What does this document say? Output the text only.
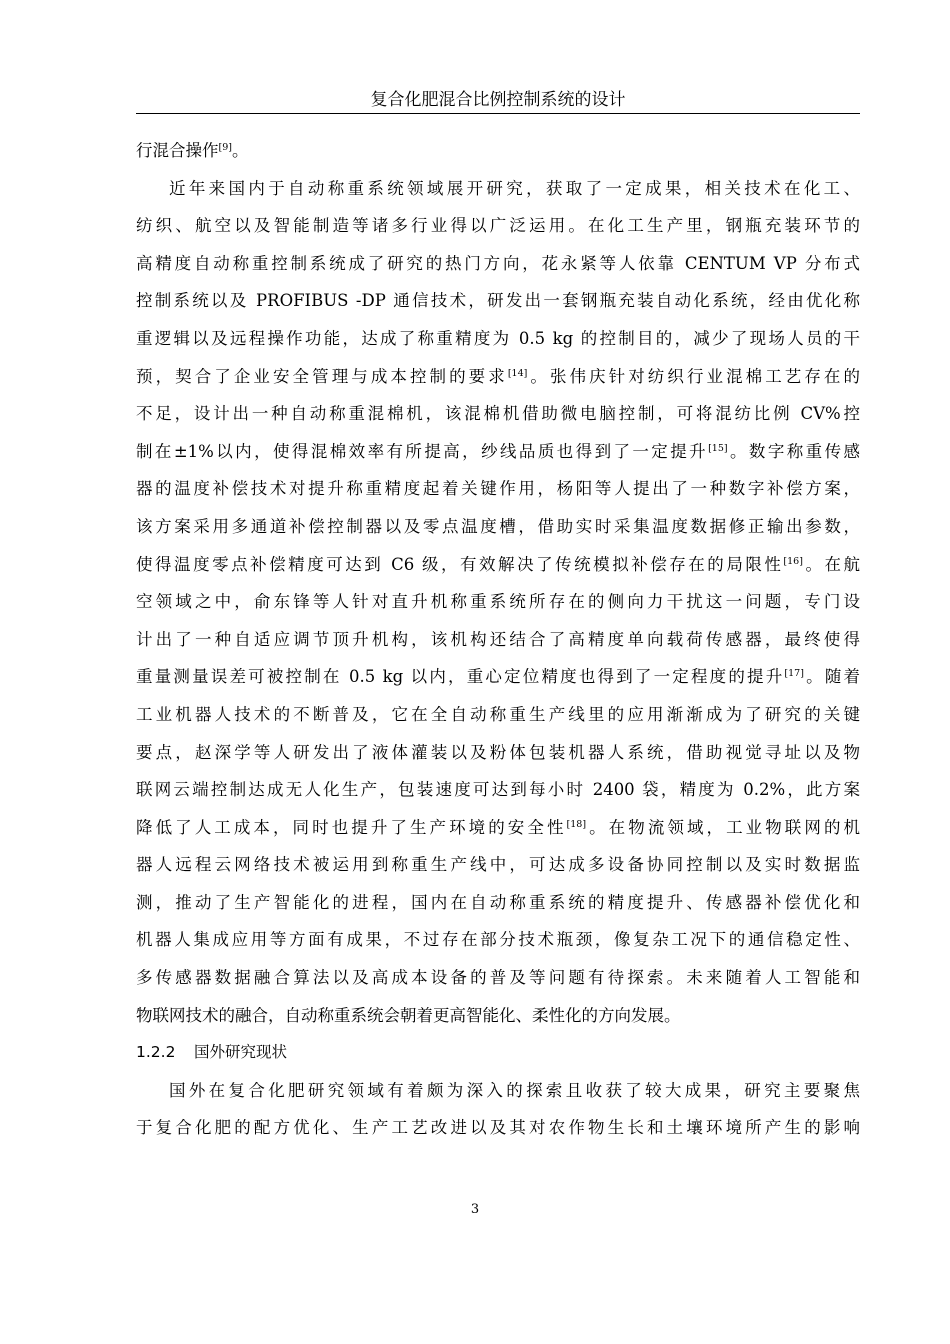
复合化肥混合比例控制系统的设计
行混合操作[9]。
近年来国内于自动称重系统领域展开研究，获取了一定成果，相关技术在化工、
纺织、航空以及智能制造等诸多行业得以广泛运用。在化工生产里，钢瓶充装环节的
高精度自动称重控制系统成了研究的热门方向，花永紧等人依靠 CENTUM VP 分布式
控制系统以及 PROFIBUS -DP 通信技术，研发出一套钢瓶充装自动化系统，经由优化称
重逻辑以及远程操作功能，达成了称重精度为 0.5 kg 的控制目的，减少了现场人员的干
预，契合了企业安全管理与成本控制的要求[14]。张伟庆针对纺织行业混棉工艺存在的
不足，设计出一种自动称重混棉机，该混棉机借助微电脑控制，可将混纺比例 CV%控
制在±1%以内，使得混棉效率有所提高，纱线品质也得到了一定提升[15]。数字称重传感
器的温度补偿技术对提升称重精度起着关键作用，杨阳等人提出了一种数字补偿方案，
该方案采用多通道补偿控制器以及零点温度槽，借助实时采集温度数据修正输出参数，
使得温度零点补偿精度可达到 C6 级，有效解决了传统模拟补偿存在的局限性[16]。在航
空领域之中，俞东锋等人针对直升机称重系统所存在的侧向力干扰这一问题，专门设
计出了一种自适应调节顶升机构，该机构还结合了高精度单向载荷传感器，最终使得
重量测量误差可被控制在 0.5 kg 以内，重心定位精度也得到了一定程度的提升[17]。随着
工业机器人技术的不断普及，它在全自动称重生产线里的应用渐渐成为了研究的关键
要点，赵深学等人研发出了液体灌装以及粉体包装机器人系统，借助视觉寻址以及物
联网云端控制达成无人化生产，包装速度可达到每小时 2400 袋，精度为 0.2%，此方案
降低了人工成本，同时也提升了生产环境的安全性[18]。在物流领域，工业物联网的机
器人远程云网络技术被运用到称重生产线中，可达成多设备协同控制以及实时数据监
测，推动了生产智能化的进程，国内在自动称重系统的精度提升、传感器补偿优化和
机器人集成应用等方面有成果，不过存在部分技术瓶颈，像复杂工况下的通信稳定性、
多传感器数据融合算法以及高成本设备的普及等问题有待探索。未来随着人工智能和
物联网技术的融合，自动称重系统会朝着更高智能化、柔性化的方向发展。
1.2.2 国外研究现状
国外在复合化肥研究领域有着颇为深入的探索且收获了较大成果，研究主要聚焦
于复合化肥的配方优化、生产工艺改进以及其对农作物生长和土壤环境所产生的影响
3
